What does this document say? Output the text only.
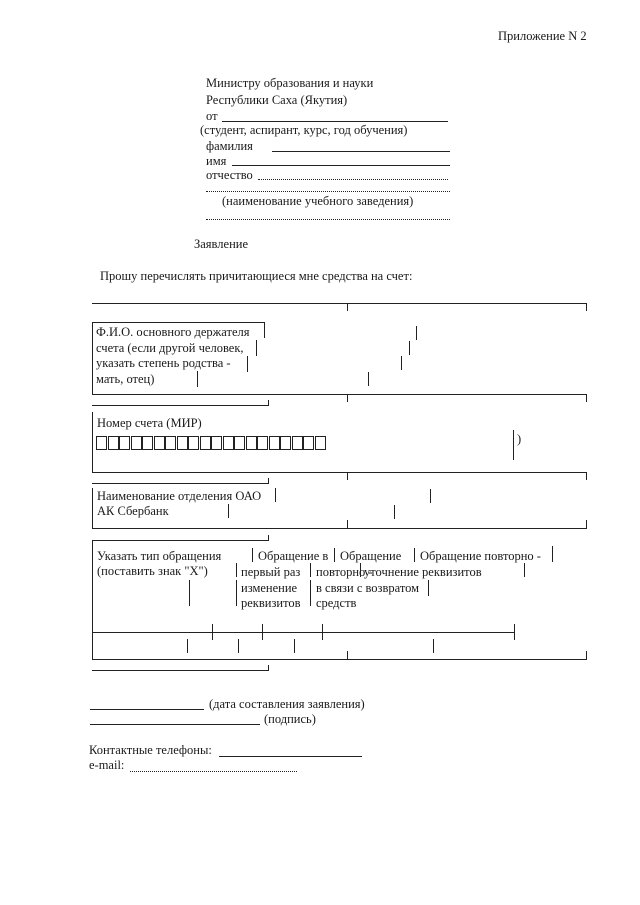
Приложение N 2
Министру образования и науки
Республики Саха (Якутия)
от
(студент, аспирант, курс, год обучения)
фамилия
имя
отчество
(наименование учебного заведения)
Заявление
Прошу перечислять причитающиеся мне средства на счет:
Ф.И.О. основного держателя
счета (если другой человек,
указать степень родства -
мать, отец)
Номер счета (МИР)
)
Наименование отделения ОАО
АК Сбербанк
Указать тип обращения
(поставить знак "X")
Обращение в Обращение Обращение повторно -
первый раз повторно -
уточнение реквизитов
изменение
реквизитов
в связи с возвратом
средств
(дата составления заявления)
(подпись)
Контактные телефоны:
e-mail:
